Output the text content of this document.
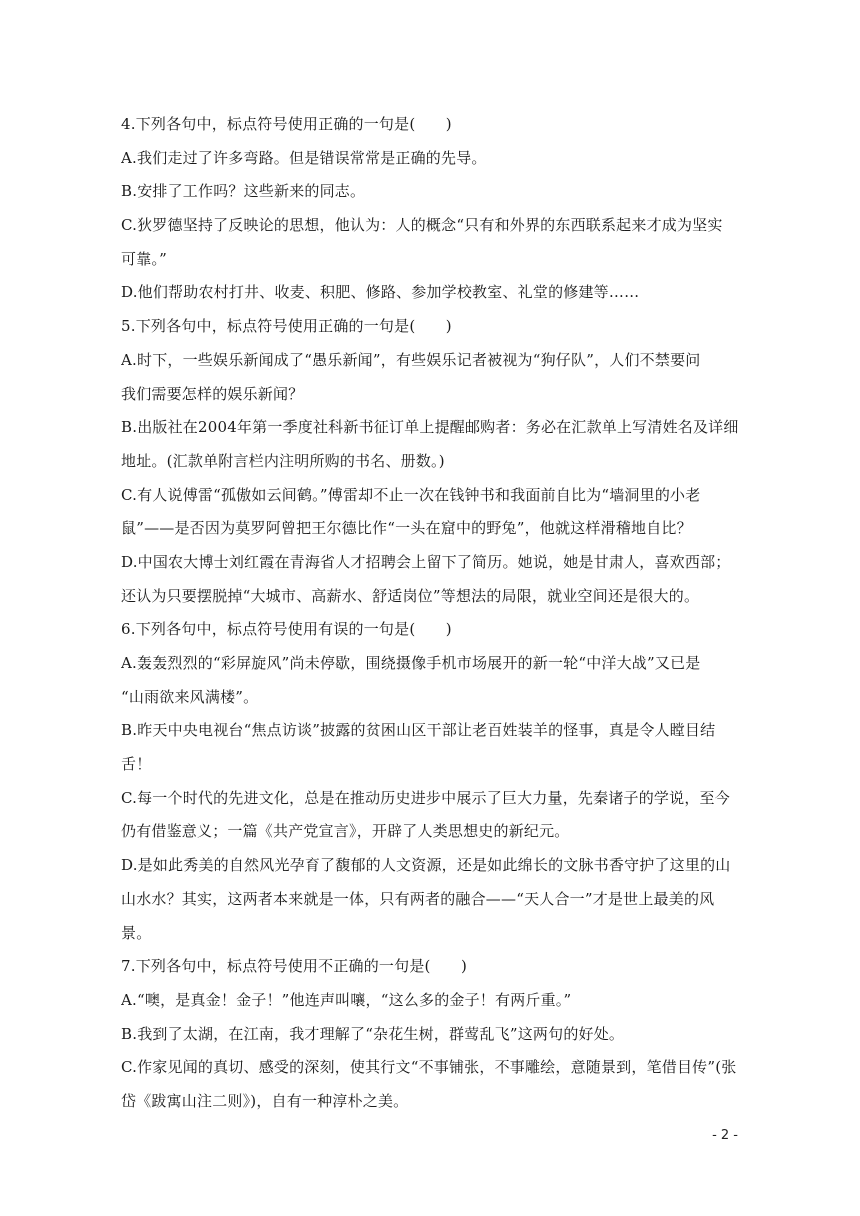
4.下列各句中，标点符号使用正确的一句是(　　)
A.我们走过了许多弯路。但是错误常常是正确的先导。
B.安排了工作吗？这些新来的同志。
C.狄罗德坚持了反映论的思想，他认为：人的概念“只有和外界的东西联系起来才成为坚实
可靠。”
D.他们帮助农村打井、收麦、积肥、修路、参加学校教室、礼堂的修建等……
5.下列各句中，标点符号使用正确的一句是(　　)
A.时下，一些娱乐新闻成了“愚乐新闻”，有些娱乐记者被视为“狗仔队”，人们不禁要问
我们需要怎样的娱乐新闻？
B.出版社在2004年第一季度社科新书征订单上提醒邮购者：务必在汇款单上写清姓名及详细
地址。(汇款单附言栏内注明所购的书名、册数。)
C.有人说傅雷“孤傲如云间鹤。”傅雷却不止一次在钱钟书和我面前自比为“墙洞里的小老
鼠”——是否因为莫罗阿曾把王尔德比作“一头在窟中的野兔”，他就这样滑稽地自比？
D.中国农大博士刘红霞在青海省人才招聘会上留下了简历。她说，她是甘肃人，喜欢西部；
还认为只要摆脱掉“大城市、高薪水、舒适岗位”等想法的局限，就业空间还是很大的。
6.下列各句中，标点符号使用有误的一句是(　　)
A.轰轰烈烈的“彩屏旋风”尚未停歇，围绕摄像手机市场展开的新一轮“中洋大战”又已是
“山雨欲来风满楼”。
B.昨天中央电视台“焦点访谈”披露的贫困山区干部让老百姓装羊的怪事，真是令人瞠目结
舌！
C.每一个时代的先进文化，总是在推动历史进步中展示了巨大力量，先秦诸子的学说，至今
仍有借鉴意义；一篇《共产党宣言》，开辟了人类思想史的新纪元。
D.是如此秀美的自然风光孕育了馥郁的人文资源，还是如此绵长的文脉书香守护了这里的山
山水水？其实，这两者本来就是一体，只有两者的融合——“天人合一”才是世上最美的风
景。
7.下列各句中，标点符号使用不正确的一句是(　　)
A.“噢，是真金！金子！”他连声叫嚷，“这么多的金子！有两斤重。”
B.我到了太湖，在江南，我才理解了“杂花生树，群莺乱飞”这两句的好处。
C.作家见闻的真切、感受的深刻，使其行文“不事铺张，不事雕绘，意随景到，笔借目传”(张
岱《跋寓山注二则》)，自有一种淳朴之美。
- 2 -
